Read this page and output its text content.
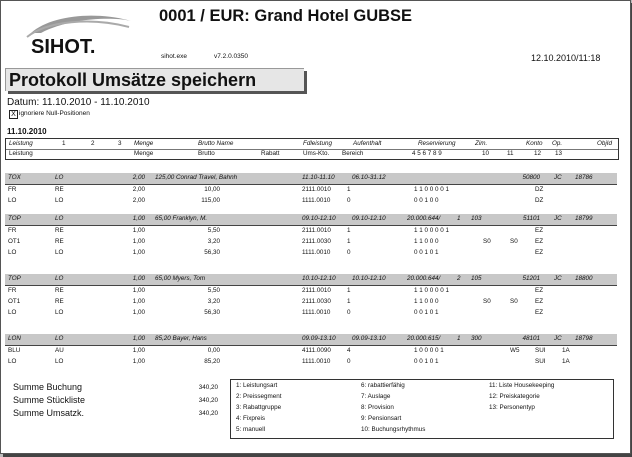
SIHOT.
0001 / EUR: Grand Hotel GUBSE
sihot.exe	v7.2.0.0350	12.10.2010/11:18
Protokoll Umsätze speichern
Datum: 11.10.2010 - 11.10.2010
X ignoriere Null-Positionen
11.10.2010
Leistung	1	2	3 Menge	Brutto Name	Fdleistung	Aufenthalt	Reservierung	Zim.	Konto Op.	ObjId
Leistung	Menge	Brutto	Rabatt	Ums-Kto. Bereich	4 5 6 7 8 9	10	11	12 13
TOX	LO	2,00 125,00 Conrad Travel, Bahnh	11.10-11.10	06.10-31.12	50800 JC 18786
FR	RE	2,00	10,00	2111.0010	1	1 1 0 0 0 0 1	DZ
LO	LO	2,00	115,00	1111.0010	0	0 0 1 0 0	DZ
TOP	LO	1,00 65,00 Franklyn, M.	09.10-12.10	09.10-12.10	20.000.644/	1 103	51101 JC 18799
FR	RE	1,00	5,50	2111.0010	1	1 1 0 0 0 0 1	EZ
OT1	RE	1,00	3,20	2111.0030	1	1 1 0 0 0	S0	S0	EZ
LO	LO	1,00	56,30	1111.0010	0	0 0 1 0 1	EZ
TOP	LO	1,00 65,00 Myers, Tom	10.10-12.10	10.10-12.10	20.000.644/	2 105	51201 JC 18800
FR	RE	1,00	5,50	2111.0010	1	1 1 0 0 0 0 1	EZ
OT1	RE	1,00	3,20	2111.0030	1	1 1 0 0 0	S0	S0	EZ
LO	LO	1,00	56,30	1111.0010	0	0 0 1 0 1	EZ
LON	LO	1,00 85,20 Bayer, Hans	09.09-13.10	09.09-13.10	20.000.615/	1 300	48101 JC 18798
BLU	AU	1,00	0,00	4111.0090	4	1 0 0 0 0 1	W5 SUI	1A
LO	LO	1,00	85,20	1111.0010	0	0 0 1 0 1	SUI	1A
Summe Buchung	340,20
Summe Stückliste	340,20
Summe Umsatzk.	340,20
1: Leistungsart
2: Preissegment
3: Rabattgruppe
4: Fixpreis
5: manuell
6: rabattierfähig
7: Auslage
8: Provision
9: Pensionsart
10: Buchungsrhythmus
11: Liste Housekeeping
12: Preiskategorie
13: Personentyp
